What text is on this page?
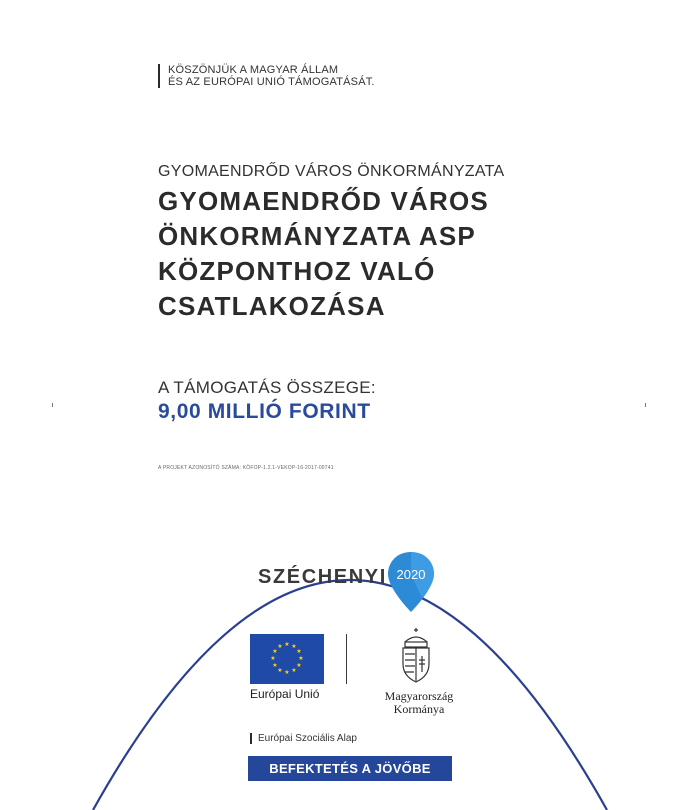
KÖSZÖNJÜK A MAGYAR ÁLLAM
ÉS AZ EURÓPAI UNIÓ TÁMOGATÁSÁT.
GYOMAENDRŐD VÁROS ÖNKORMÁNYZATA
GYOMAENDRŐD VÁROS
ÖNKORMÁNYZATA ASP
KÖZPONTHOZ VALÓ
CSATLAKOZÁSA
A TÁMOGATÁS ÖSSZEGE:
9,00 MILLIÓ FORINT
A PROJEKT AZONOSÍTÓ SZÁMA: KÖFOP-1.2.1-VEKOP-16-2017-00741
SZÉCHENYI 2020
★ ★
★
★
★
★
★
★
★
★
★
★
Európai Unió	Magyarország
Kormánya
Európai Szociális Alap
BEFEKTETÉS A JÖVŐBE
